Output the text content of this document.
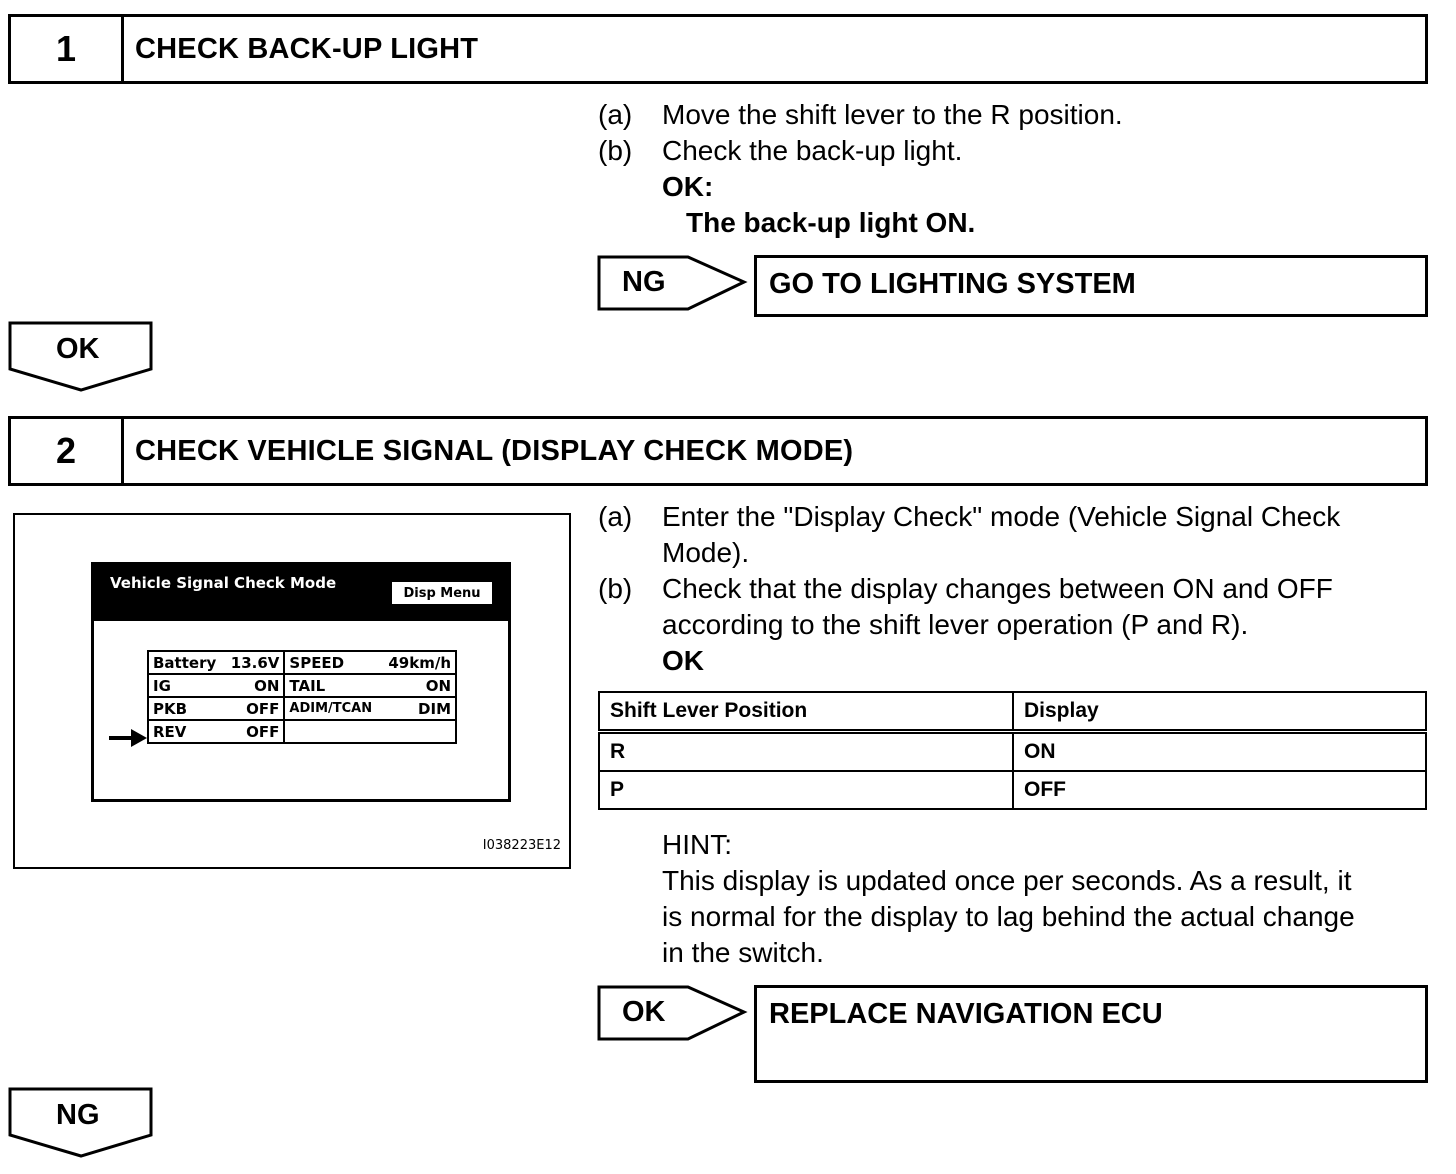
1	CHECK BACK-UP LIGHT
(a) Move the shift lever to the R position.
(b) Check the back-up light.
OK:
The back-up light ON.
NG	GO TO LIGHTING SYSTEM
OK
2	CHECK VEHICLE SIGNAL (DISPLAY CHECK MODE)
Vehicle Signal Check Mode
Disp Menu
Battery	13.6V	SPEED	49km/h
IG	ON	TAIL	ON
PKB	OFF	ADIM/TCAN	DIM
REV	OFF		
I038223E12
(a) Enter the "Display Check" mode (Vehicle Signal Check
Mode).
(b) Check that the display changes between ON and OFF
according to the shift lever operation (P and R).
OK
Shift Lever Position	Display
R	ON
P	OFF
HINT:
This display is updated once per seconds. As a result, it
is normal for the display to lag behind the actual change
in the switch.
OK	REPLACE NAVIGATION ECU
NG
